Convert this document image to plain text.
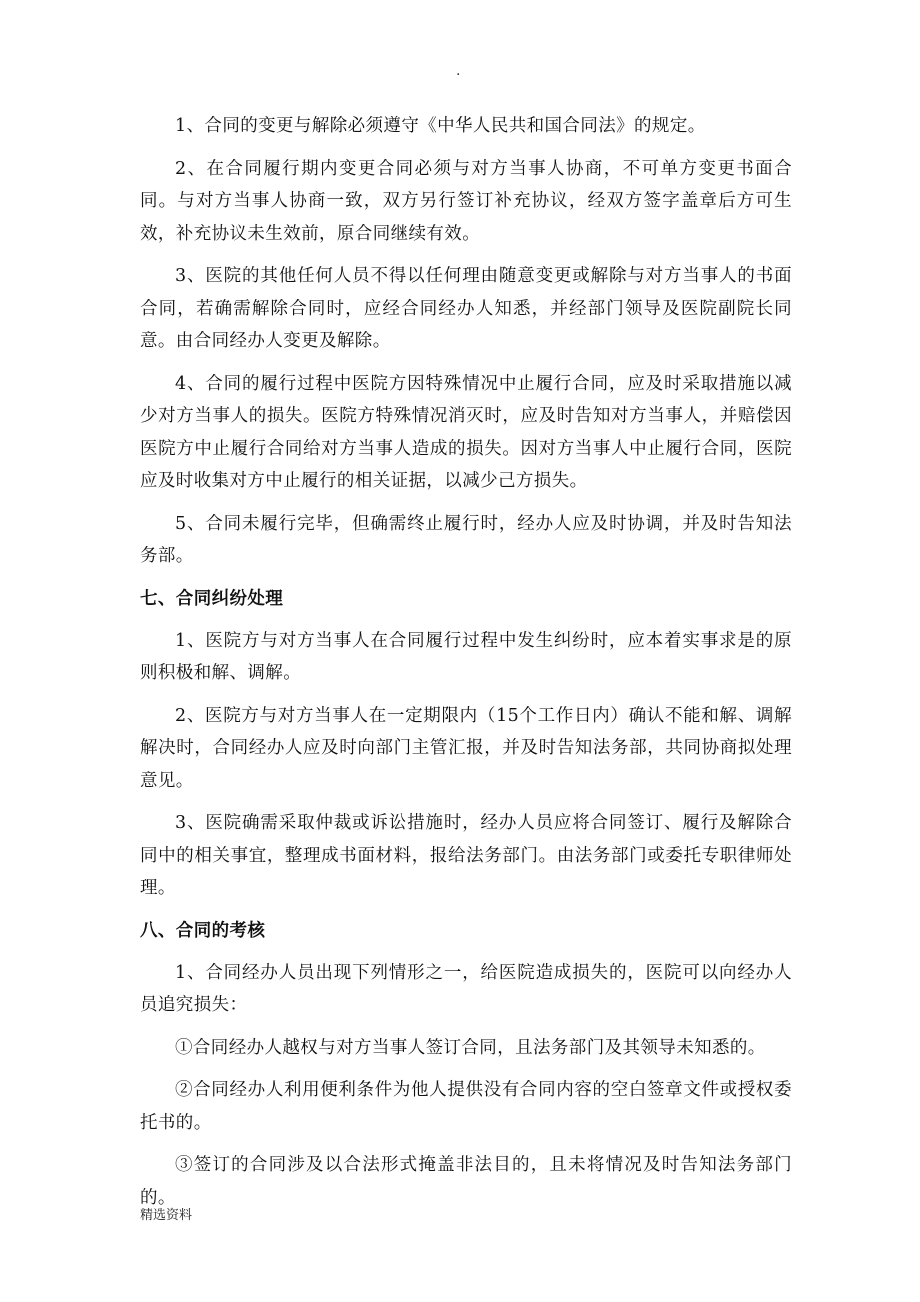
.

1、合同的变更与解除必须遵守《中华人民共和国合同法》的规定。

2、在合同履行期内变更合同必须与对方当事人协商，不可单方变更书面合同。与对方当事人协商一致，双方另行签订补充协议，经双方签字盖章后方可生效，补充协议未生效前，原合同继续有效。

3、医院的其他任何人员不得以任何理由随意变更或解除与对方当事人的书面合同，若确需解除合同时，应经合同经办人知悉，并经部门领导及医院副院长同意。由合同经办人变更及解除。

4、合同的履行过程中医院方因特殊情况中止履行合同，应及时采取措施以减少对方当事人的损失。医院方特殊情况消灭时，应及时告知对方当事人，并赔偿因医院方中止履行合同给对方当事人造成的损失。因对方当事人中止履行合同，医院应及时收集对方中止履行的相关证据，以减少己方损失。

5、合同未履行完毕，但确需终止履行时，经办人应及时协调，并及时告知法务部。

七、合同纠纷处理

1、医院方与对方当事人在合同履行过程中发生纠纷时，应本着实事求是的原则积极和解、调解。

2、医院方与对方当事人在一定期限内（15个工作日内）确认不能和解、调解解决时，合同经办人应及时向部门主管汇报，并及时告知法务部，共同协商拟处理意见。

3、医院确需采取仲裁或诉讼措施时，经办人员应将合同签订、履行及解除合同中的相关事宜，整理成书面材料，报给法务部门。由法务部门或委托专职律师处理。

八、合同的考核

1、合同经办人员出现下列情形之一，给医院造成损失的，医院可以向经办人员追究损失：

①合同经办人越权与对方当事人签订合同，且法务部门及其领导未知悉的。

②合同经办人利用便利条件为他人提供没有合同内容的空白签章文件或授权委托书的。

③签订的合同涉及以合法形式掩盖非法目的，且未将情况及时告知法务部门的。

精选资料
